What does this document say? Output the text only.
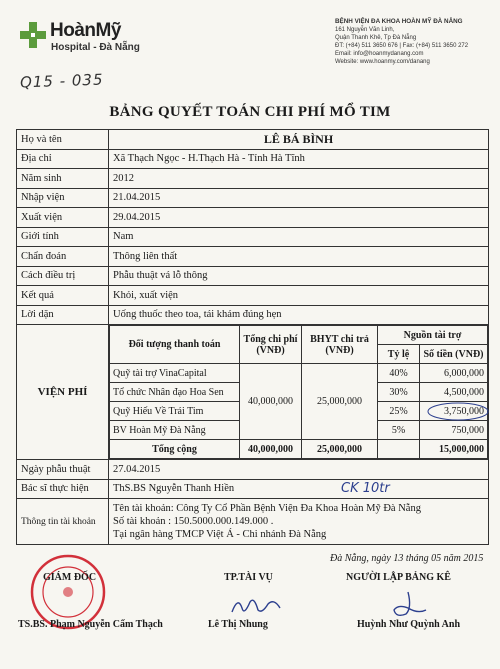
HoànMỹ
Hospital - Đà Nẵng
BỆNH VIỆN ĐA KHOA HOÀN MỸ ĐÀ NẴNG
161 Nguyễn Văn Linh,
Quận Thanh Khê, Tp Đà Nẵng
ĐT: (+84) 511 3650 676 | Fax: (+84) 511 3650 272
Email: info@hoanmydanang.com
Website: www.hoanmy.com/danang
Q15 - 035
BẢNG QUYẾT TOÁN CHI PHÍ MỔ TIM
Họ và tên	LÊ BÁ BÌNH
Địa chỉ	Xã Thạch Ngọc - H.Thạch Hà - Tỉnh Hà Tĩnh
Năm sinh	2012
Nhập viện	21.04.2015
Xuất viện	29.04.2015
Giới tính	Nam
Chẩn đoán	Thông liên thất
Cách điều trị	Phẫu thuật vá lỗ thông
Kết quả	Khỏi, xuất viện
Lời dặn	Uống thuốc theo toa, tái khám đúng hẹn
VIỆN PHÍ	
Đối tượng thanh toán	Tổng chi phí (VNĐ)	BHYT chi trả (VNĐ)	Nguồn tài trợ
Tỷ lệ	Số tiền (VNĐ)
Quỹ tài trợ VinaCapital	40,000,000	25,000,000	40%	6,000,000
Tổ chức Nhân đạo Hoa Sen	30%	4,500,000
Quỹ Hiếu Về Trái Tim	25%	3,750,000

BV Hoàn Mỹ Đà Nẵng	5%	750,000
Tổng cộng	40,000,000	25,000,000		15,000,000

Ngày phẫu thuật	27.04.2015
Bác sĩ thực hiện	ThS.BS Nguyễn Thanh Hiền	CK 10tr

Thông tin tài khoản	
Tên tài khoản: Công Ty Cổ Phần Bệnh Viện Đa Khoa Hoàn Mỹ Đà Nẵng
Số tài khoản : 150.5000.000.149.000 .
Tại ngân hàng TMCP Việt Á - Chi nhánh Đà Nẵng
Đà Nẵng, ngày 13 tháng 05 năm 2015
GIÁM ĐỐC	TP.TÀI VỤ	NGƯỜI LẬP BẢNG KÊ
TS.BS. Phạm Nguyễn Cẩm Thạch	Lê Thị Nhung	Huỳnh Như Quỳnh Anh
